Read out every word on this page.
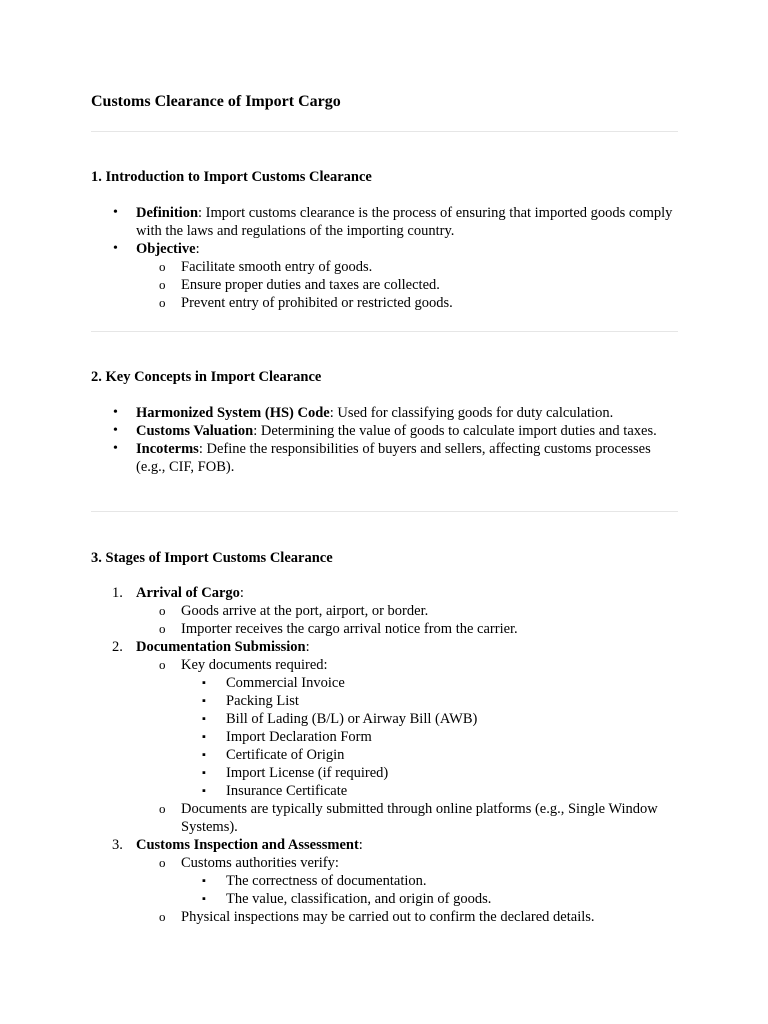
Customs Clearance of Import Cargo
1. Introduction to Import Customs Clearance
• Definition: Import customs clearance is the process of ensuring that imported goods comply with the laws and regulations of the importing country.
• Objective:
o Facilitate smooth entry of goods.
o Ensure proper duties and taxes are collected.
o Prevent entry of prohibited or restricted goods.
2. Key Concepts in Import Clearance
• Harmonized System (HS) Code: Used for classifying goods for duty calculation.
• Customs Valuation: Determining the value of goods to calculate import duties and taxes.
• Incoterms: Define the responsibilities of buyers and sellers, affecting customs processes (e.g., CIF, FOB).
3. Stages of Import Customs Clearance
1. Arrival of Cargo:
o Goods arrive at the port, airport, or border.
o Importer receives the cargo arrival notice from the carrier.
2. Documentation Submission:
o Key documents required:
▪ Commercial Invoice
▪ Packing List
▪ Bill of Lading (B/L) or Airway Bill (AWB)
▪ Import Declaration Form
▪ Certificate of Origin
▪ Import License (if required)
▪ Insurance Certificate
o Documents are typically submitted through online platforms (e.g., Single Window Systems).
3. Customs Inspection and Assessment:
o Customs authorities verify:
▪ The correctness of documentation.
▪ The value, classification, and origin of goods.
o Physical inspections may be carried out to confirm the declared details.
